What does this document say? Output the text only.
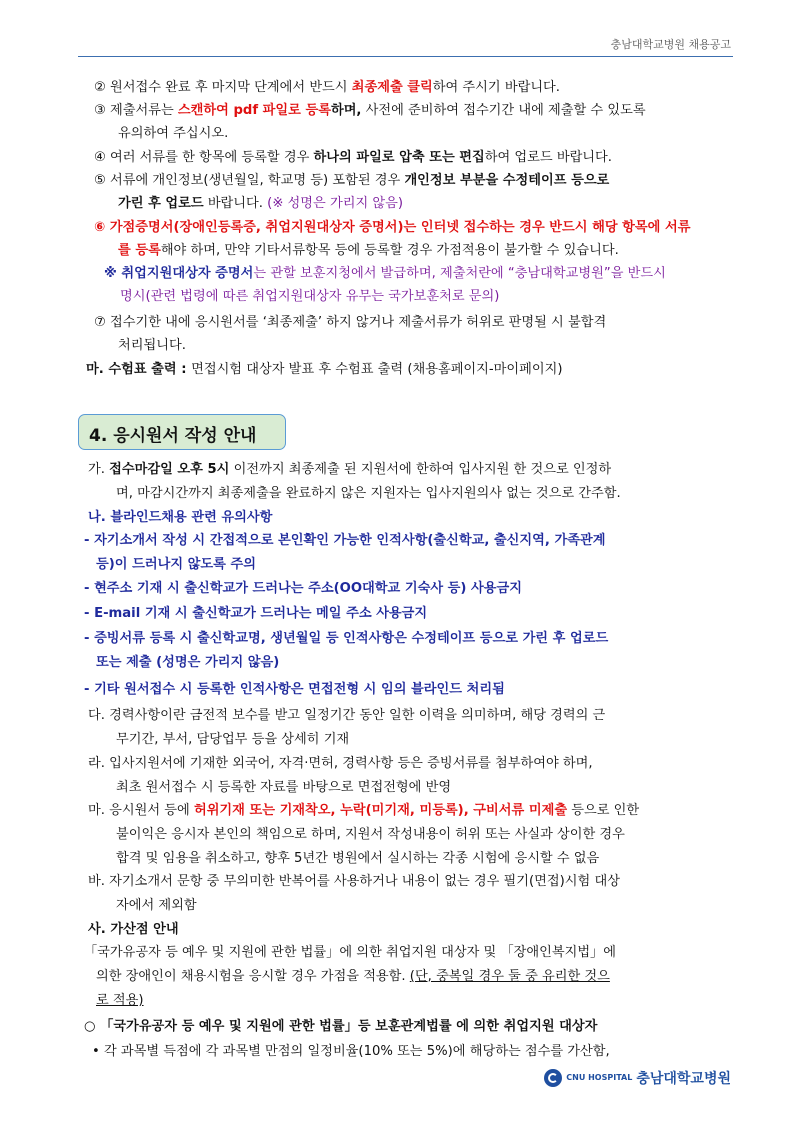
충남대학교병원 채용공고
② 원서접수 완료 후 마지막 단계에서 반드시 최종제출 클릭하여 주시기 바랍니다.
③ 제출서류는 스캔하여 pdf 파일로 등록하며, 사전에 준비하여 접수기간 내에 제출할 수 있도록
유의하여 주십시오.
④ 여러 서류를 한 항목에 등록할 경우 하나의 파일로 압축 또는 편집하여 업로드 바랍니다.
⑤ 서류에 개인정보(생년월일, 학교명 등) 포함된 경우 개인정보 부분을 수정테이프 등으로
가린 후 업로드 바랍니다. (※ 성명은 가리지 않음)
⑥ 가점증명서(장애인등록증, 취업지원대상자 증명서)는 인터넷 접수하는 경우 반드시 해당 항목에 서류
를 등록해야 하며, 만약 기타서류항목 등에 등록할 경우 가점적용이 불가할 수 있습니다.
※ 취업지원대상자 증명서는 관할 보훈지청에서 발급하며, 제출처란에 “충남대학교병원”을 반드시
명시(관련 법령에 따른 취업지원대상자 유무는 국가보훈처로 문의)
⑦ 접수기한 내에 응시원서를 ‘최종제출’ 하지 않거나 제출서류가 허위로 판명될 시 불합격
처리됩니다.
마. 수험표 출력 : 면접시험 대상자 발표 후 수험표 출력 (채용홈페이지-마이페이지)
가. 접수마감일 오후 5시 이전까지 최종제출 된 지원서에 한하여 입사지원 한 것으로 인정하
며, 마감시간까지 최종제출을 완료하지 않은 지원자는 입사지원의사 없는 것으로 간주함.
나. 블라인드채용 관련 유의사항
- 자기소개서 작성 시 간접적으로 본인확인 가능한 인적사항(출신학교, 출신지역, 가족관계
등)이 드러나지 않도록 주의
- 현주소 기재 시 출신학교가 드러나는 주소(OO대학교 기숙사 등) 사용금지
- E-mail 기재 시 출신학교가 드러나는 메일 주소 사용금지
- 증빙서류 등록 시 출신학교명, 생년월일 등 인적사항은 수정테이프 등으로 가린 후 업로드
또는 제출 (성명은 가리지 않음)
- 기타 원서접수 시 등록한 인적사항은 면접전형 시 임의 블라인드 처리됨
다. 경력사항이란 금전적 보수를 받고 일정기간 동안 일한 이력을 의미하며, 해당 경력의 근
무기간, 부서, 담당업무 등을 상세히 기재
라. 입사지원서에 기재한 외국어, 자격·면허, 경력사항 등은 증빙서류를 첨부하여야 하며,
최초 원서접수 시 등록한 자료를 바탕으로 면접전형에 반영
마. 응시원서 등에 허위기재 또는 기재착오, 누락(미기재, 미등록), 구비서류 미제출 등으로 인한
불이익은 응시자 본인의 책임으로 하며, 지원서 작성내용이 허위 또는 사실과 상이한 경우
합격 및 임용을 취소하고, 향후 5년간 병원에서 실시하는 각종 시험에 응시할 수 없음
바. 자기소개서 문항 중 무의미한 반복어를 사용하거나 내용이 없는 경우 필기(면접)시험 대상
자에서 제외함
사. 가산점 안내
「국가유공자 등 예우 및 지원에 관한 법률」에 의한 취업지원 대상자 및 「장애인복지법」에
의한 장애인이 채용시험을 응시할 경우 가점을 적용함. (단, 중복일 경우 둘 중 유리한 것으
로 적용)
○ 「국가유공자 등 예우 및 지원에 관한 법률」등 보훈관계법률 에 의한 취업지원 대상자
• 각 과목별 득점에 각 과목별 만점의 일정비율(10% 또는 5%)에 해당하는 점수를 가산함,
4. 응시원서 작성 안내
CNU HOSPITAL 충남대학교병원
